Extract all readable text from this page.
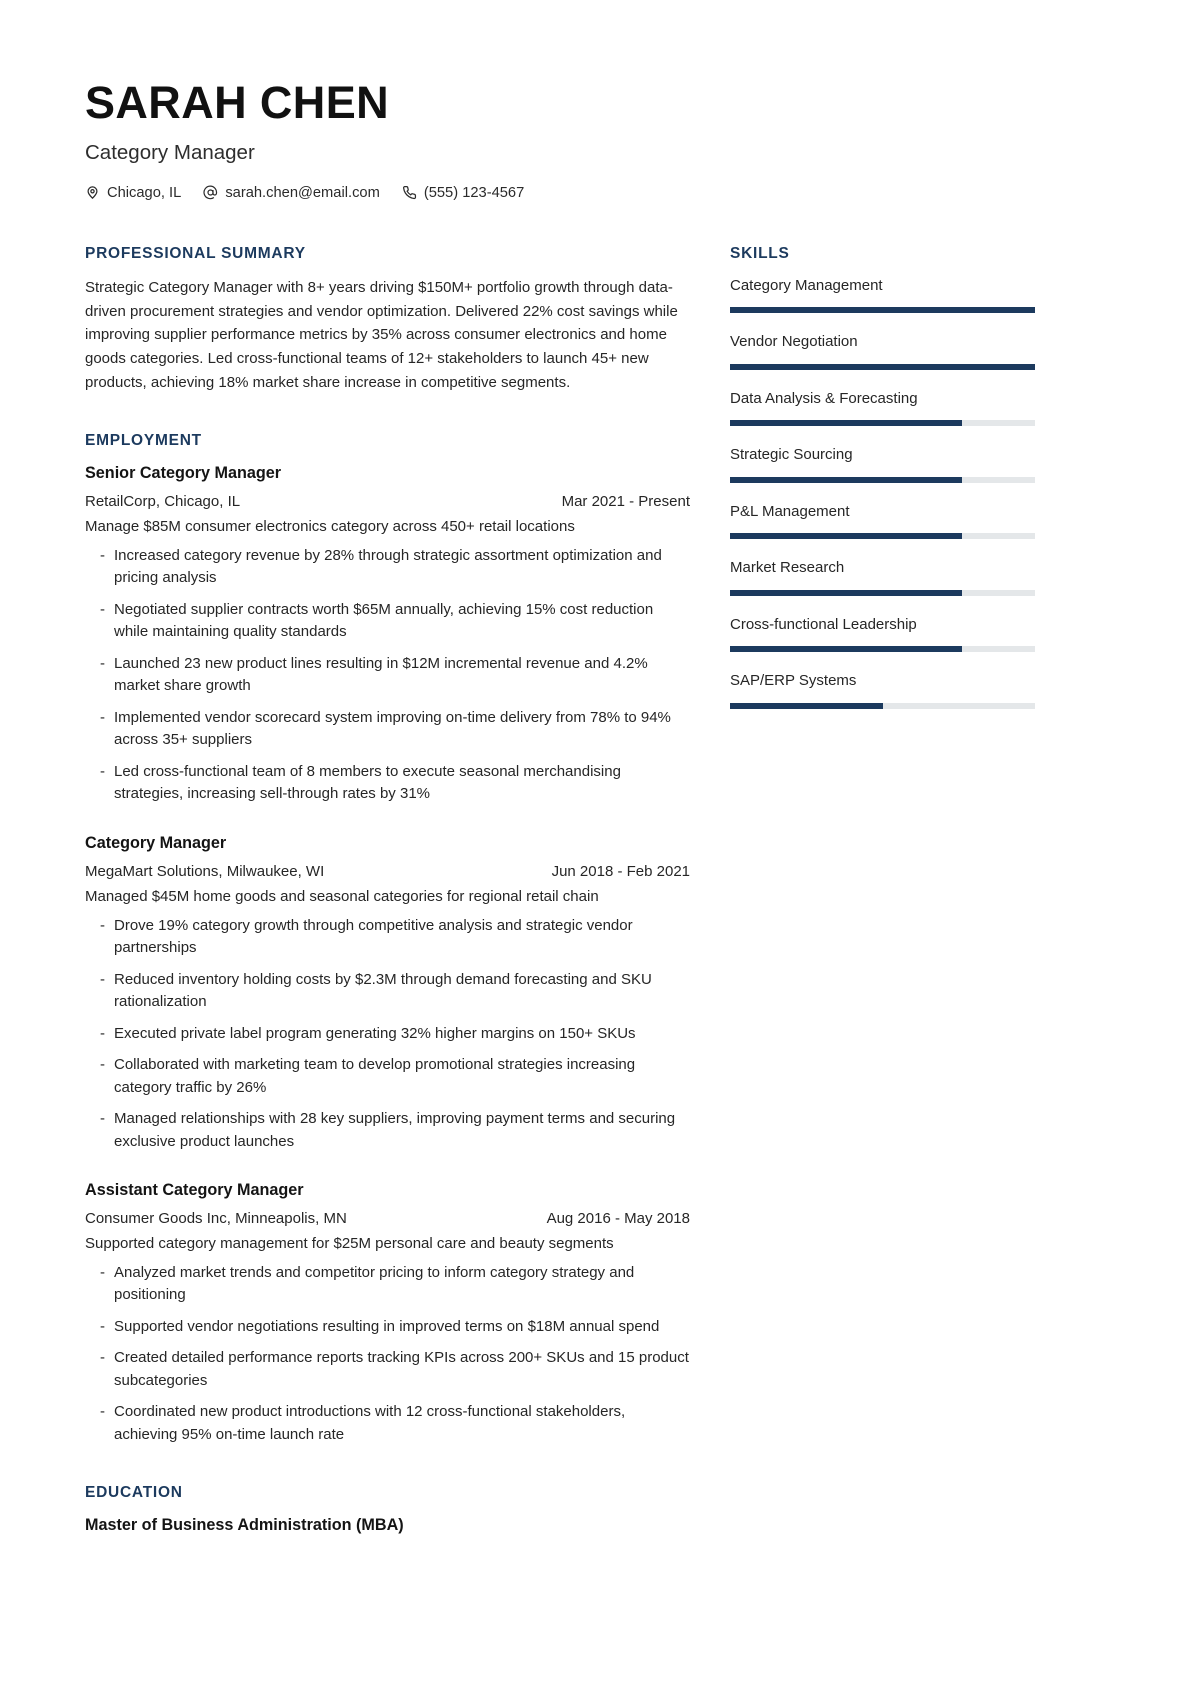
SARAH CHEN
Category Manager
Chicago, IL	sarah.chen@email.com	(555) 123-4567
PROFESSIONAL SUMMARY

Strategic Category Manager with 8+ years driving $150M+ portfolio growth through data-driven procurement strategies and vendor optimization. Delivered 22% cost savings while improving supplier performance metrics by 35% across consumer electronics and home goods categories. Led cross-functional teams of 12+ stakeholders to launch 45+ new products, achieving 18% market share increase in competitive segments.

EMPLOYMENT
Senior Category Manager
RetailCorp, Chicago, IL	Mar 2021 - Present
Manage $85M consumer electronics category across 450+ retail locations
- Increased category revenue by 28% through strategic assortment optimization and pricing analysis
- Negotiated supplier contracts worth $65M annually, achieving 15% cost reduction while maintaining quality standards
- Launched 23 new product lines resulting in $12M incremental revenue and 4.2% market share growth
- Implemented vendor scorecard system improving on-time delivery from 78% to 94% across 35+ suppliers
- Led cross-functional team of 8 members to execute seasonal merchandising strategies, increasing sell-through rates by 31%
Category Manager
MegaMart Solutions, Milwaukee, WI	Jun 2018 - Feb 2021
Managed $45M home goods and seasonal categories for regional retail chain
- Drove 19% category growth through competitive analysis and strategic vendor partnerships
- Reduced inventory holding costs by $2.3M through demand forecasting and SKU rationalization
- Executed private label program generating 32% higher margins on 150+ SKUs
- Collaborated with marketing team to develop promotional strategies increasing category traffic by 26%
- Managed relationships with 28 key suppliers, improving payment terms and securing exclusive product launches
Assistant Category Manager
Consumer Goods Inc, Minneapolis, MN	Aug 2016 - May 2018
Supported category management for $25M personal care and beauty segments
- Analyzed market trends and competitor pricing to inform category strategy and positioning
- Supported vendor negotiations resulting in improved terms on $18M annual spend
- Created detailed performance reports tracking KPIs across 200+ SKUs and 15 product subcategories
- Coordinated new product introductions with 12 cross-functional stakeholders, achieving 95% on-time launch rate
EDUCATION
Master of Business Administration (MBA)
SKILLS
Category Management
Vendor Negotiation
Data Analysis & Forecasting
Strategic Sourcing
P&L Management
Market Research
Cross-functional Leadership
SAP/ERP Systems
